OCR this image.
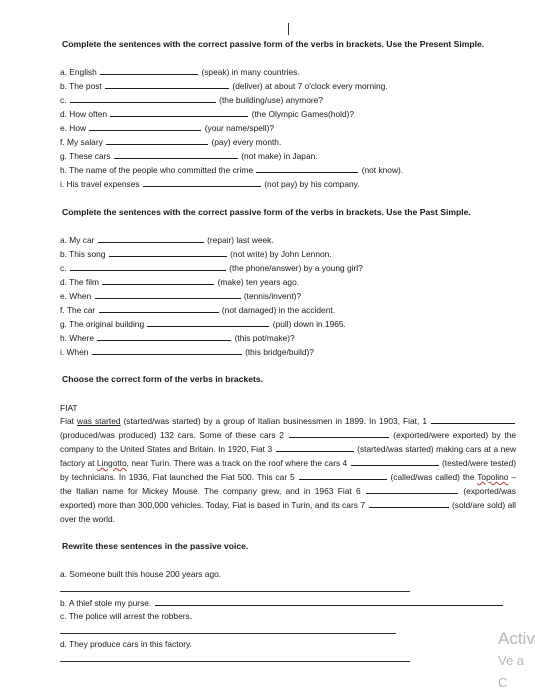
Complete the sentences with the correct passive form of the verbs in brackets. Use the Present Simple.
a. English	(speak) in many countries.
b. The post	(deliver) at about 7 o'clock every morning.
c.	(the building/use) anymore?
d. How often	(the Olympic Games(hold)?
e. How	(your name/spell)?
f. My salary	(pay) every month.
g. These cars	(not make) in Japan.
h. The name of the people who committed the crime	(not know).
i. His travel expenses	(not pay) by his company.
Complete the sentences with the correct passive form of the verbs in brackets. Use the Past Simple.
a. My car	(repair) last week.
b. This song	(not write) by John Lennon.
c.	(the phone/answer) by a young girl?
d. The film	(make) ten years ago.
e. When	(tennis/invent)?
f. The car	(not damaged) in the accident.
g. The original building	(pull) down in 1965.
h. Where	(this pot/make)?
i. When	(this bridge/build)?
Choose the correct form of the verbs in brackets.
FIAT
Fiat was started (started/was started) by a group of Italian businessmen in 1899. In 1903, Fiat, 1  (produced/was produced) 132 cars. Some of these cars 2	(exported/were exported) by the company to the United States and Britain. In 1920, Fiat 3	(started/was started) making cars at a new factory at Lingotto, near Turin. There was a track on the roof where the cars 4	(tested/were tested) by technicians. In 1936, Fiat launched the Fiat 500. This car 5	(called/was called) the Topolino – the Italian name for Mickey Mouse. The company grew, and in 1963 Fiat 6	(exported/was exported) more than 300,000 vehicles. Today, Fiat is based in Turin, and its cars 7	(sold/are sold) all over the world.
Rewrite these sentences in the passive voice.
a. Someone built this house 200 years ago.
b. A thief stole my purse.
c. The police will arrest the robbers.
d. They produce cars in this factory.	Activ
Ve a C
